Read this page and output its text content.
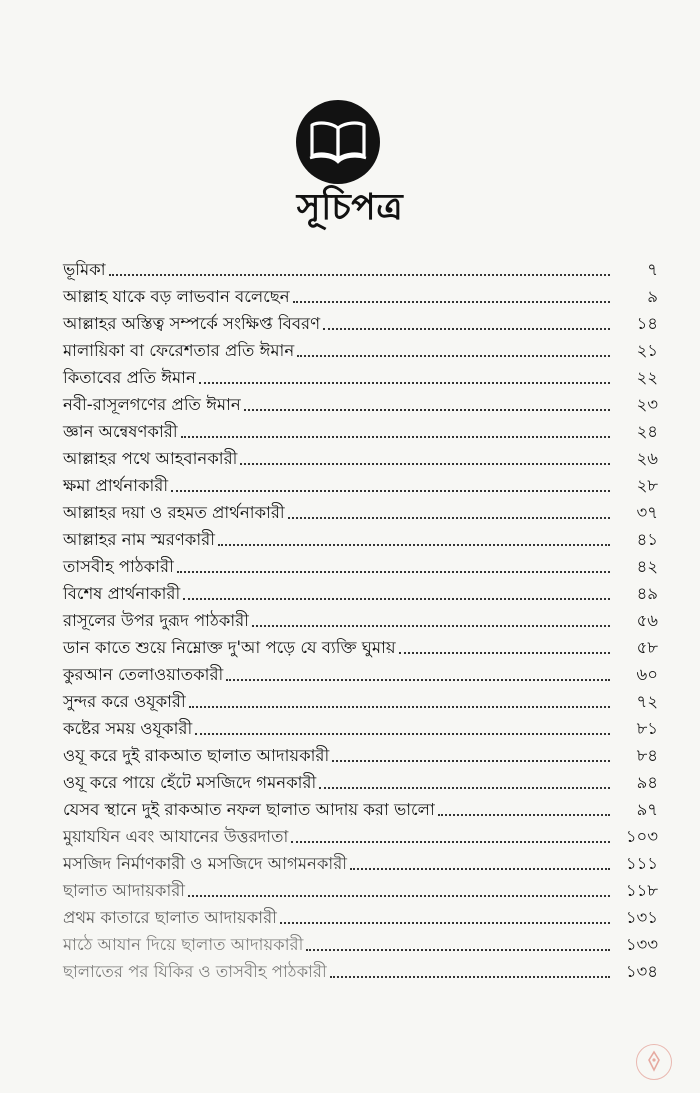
সূচিপত্র
ভূমিকা	৭
আল্লাহ যাকে বড় লাভবান বলেছেন	৯
আল্লাহর অস্তিত্ব সম্পর্কে সংক্ষিপ্ত বিবরণ	১৪
মালায়িকা বা ফেরেশতার প্রতি ঈমান	২১
কিতাবের প্রতি ঈমান	২২
নবী-রাসূলগণের প্রতি ঈমান	২৩
জ্ঞান অন্বেষণকারী	২৪
আল্লাহর পথে আহবানকারী	২৬
ক্ষমা প্রার্থনাকারী	২৮
আল্লাহর দয়া ও রহমত প্রার্থনাকারী	৩৭
আল্লাহর নাম স্মরণকারী	৪১
তাসবীহ পাঠকারী	৪২
বিশেষ প্রার্থনাকারী	৪৯
রাসূলের উপর দুরূদ পাঠকারী	৫৬
ডান কাতে শুয়ে নিম্নোক্ত দু'আ পড়ে যে ব্যক্তি ঘুমায়	৫৮
কুরআন তেলাওয়াতকারী	৬০
সুন্দর করে ওযূকারী	৭২
কষ্টের সময় ওযূকারী	৮১
ওযূ করে দুই রাকআত ছালাত আদায়কারী	৮৪
ওযূ করে পায়ে হেঁটে মসজিদে গমনকারী	৯৪
যেসব স্থানে দুই রাকআত নফল ছালাত আদায় করা ভালো	৯৭
মুয়াযযিন এবং আযানের উত্তরদাতা	১০৩
মসজিদ নির্মাণকারী ও মসজিদে আগমনকারী	১১১
ছালাত আদায়কারী	১১৮
প্রথম কাতারে ছালাত আদায়কারী	১৩১
মাঠে আযান দিয়ে ছালাত আদায়কারী	১৩৩
ছালাতের পর যিকির ও তাসবীহ পাঠকারী	১৩৪
